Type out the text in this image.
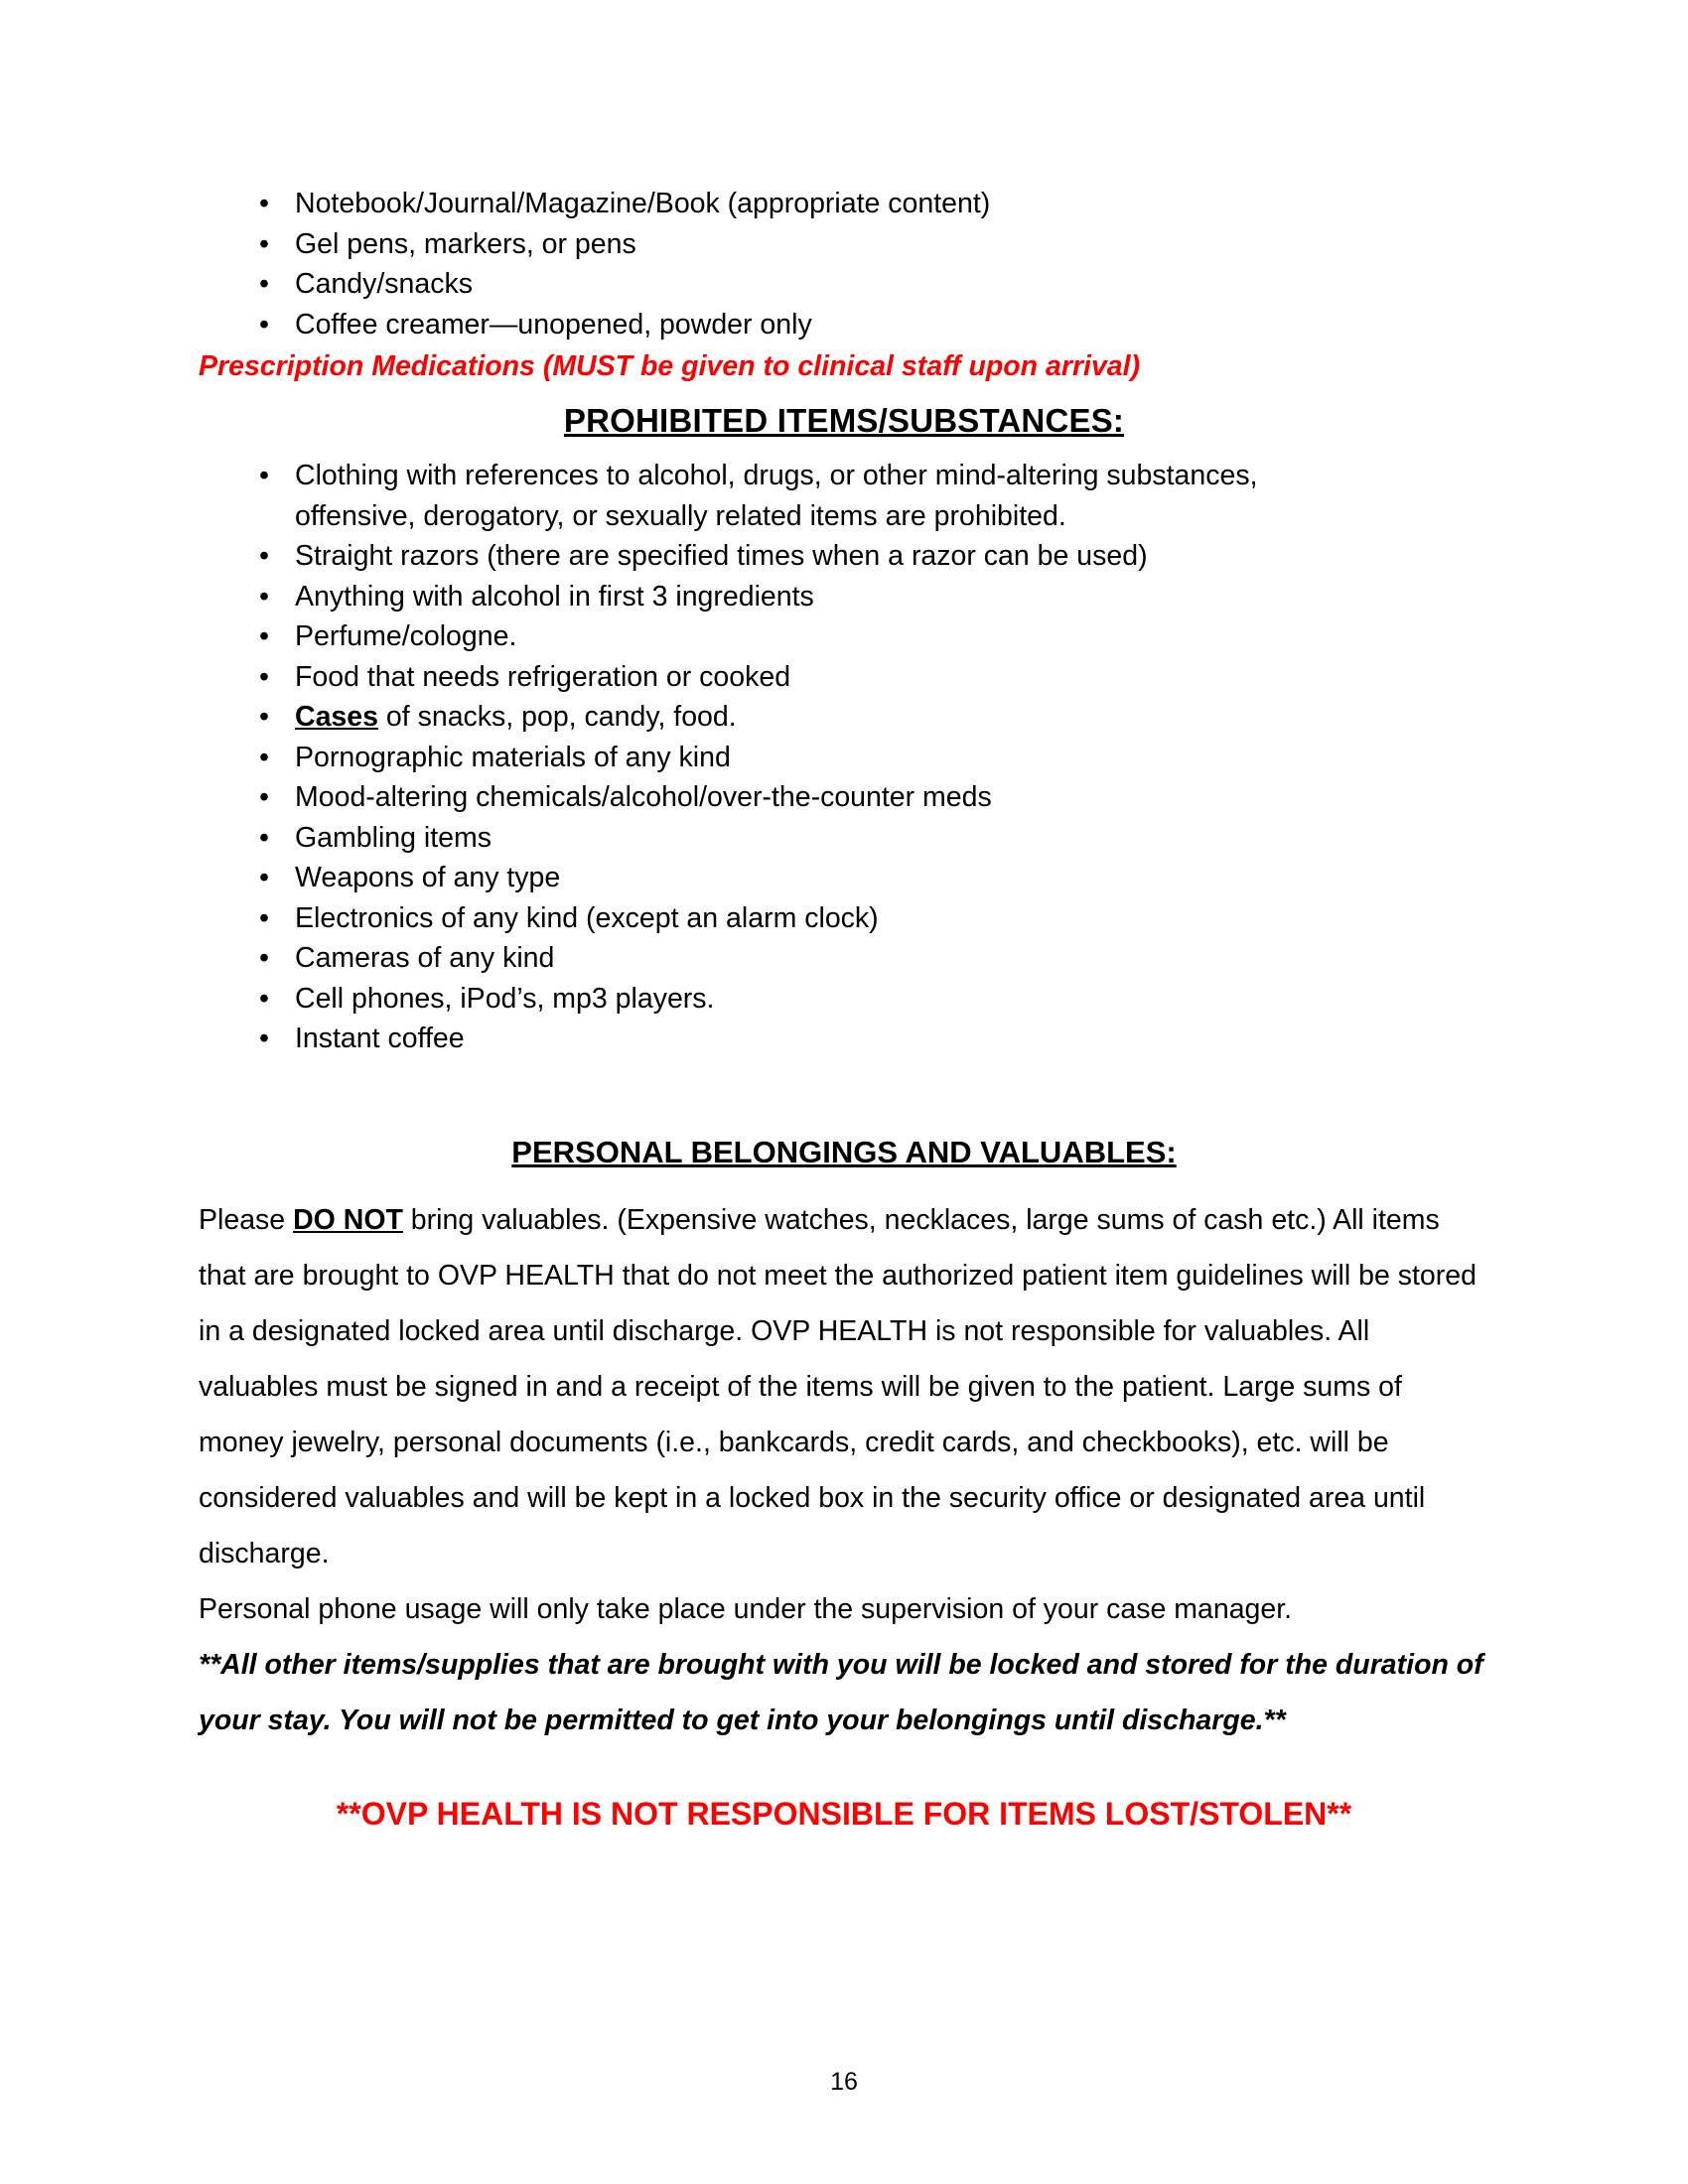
• Notebook/Journal/Magazine/Book (appropriate content)
• Gel pens, markers, or pens
• Candy/snacks
• Coffee creamer—unopened, powder only
Prescription Medications (MUST be given to clinical staff upon arrival)
PROHIBITED ITEMS/SUBSTANCES:
• Clothing with references to alcohol, drugs, or other mind-altering substances,
offensive, derogatory, or sexually related items are prohibited.
• Straight razors (there are specified times when a razor can be used)
• Anything with alcohol in first 3 ingredients
• Perfume/cologne.
• Food that needs refrigeration or cooked
• Cases of snacks, pop, candy, food.
• Pornographic materials of any kind
• Mood-altering chemicals/alcohol/over-the-counter meds
• Gambling items
• Weapons of any type
• Electronics of any kind (except an alarm clock)
• Cameras of any kind
• Cell phones, iPod’s, mp3 players.
• Instant coffee
PERSONAL BELONGINGS AND VALUABLES:

Please DO NOT bring valuables. (Expensive watches, necklaces, large sums of cash etc.) All items that are brought to OVP HEALTH that do not meet the authorized patient item guidelines will be stored in a designated locked area until discharge. OVP HEALTH is not responsible for valuables. All valuables must be signed in and a receipt of the items will be given to the patient. Large sums of money jewelry, personal documents (i.e., bankcards, credit cards, and checkbooks), etc. will be considered valuables and will be kept in a locked box in the security office or designated area until discharge.

Personal phone usage will only take place under the supervision of your case manager.

**All other items/supplies that are brought with you will be locked and stored for the duration of your stay. You will not be permitted to get into your belongings until discharge.**

**OVP HEALTH IS NOT RESPONSIBLE FOR ITEMS LOST/STOLEN**

16
